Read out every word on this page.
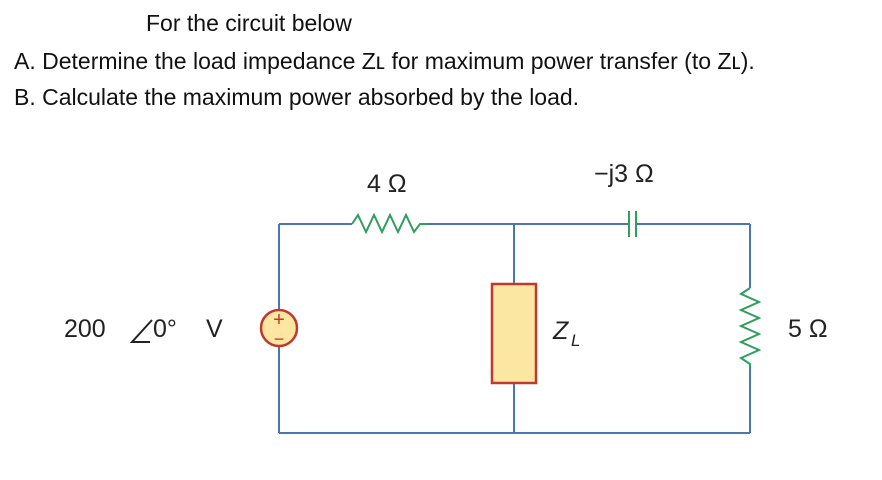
For the circuit below
A. Determine the load impedance Zʟ for maximum power transfer (to Zʟ).
B. Calculate the maximum power absorbed by the load.
+
−
200 0° V
4 Ω	−j3 Ω
5 Ω
Z L
